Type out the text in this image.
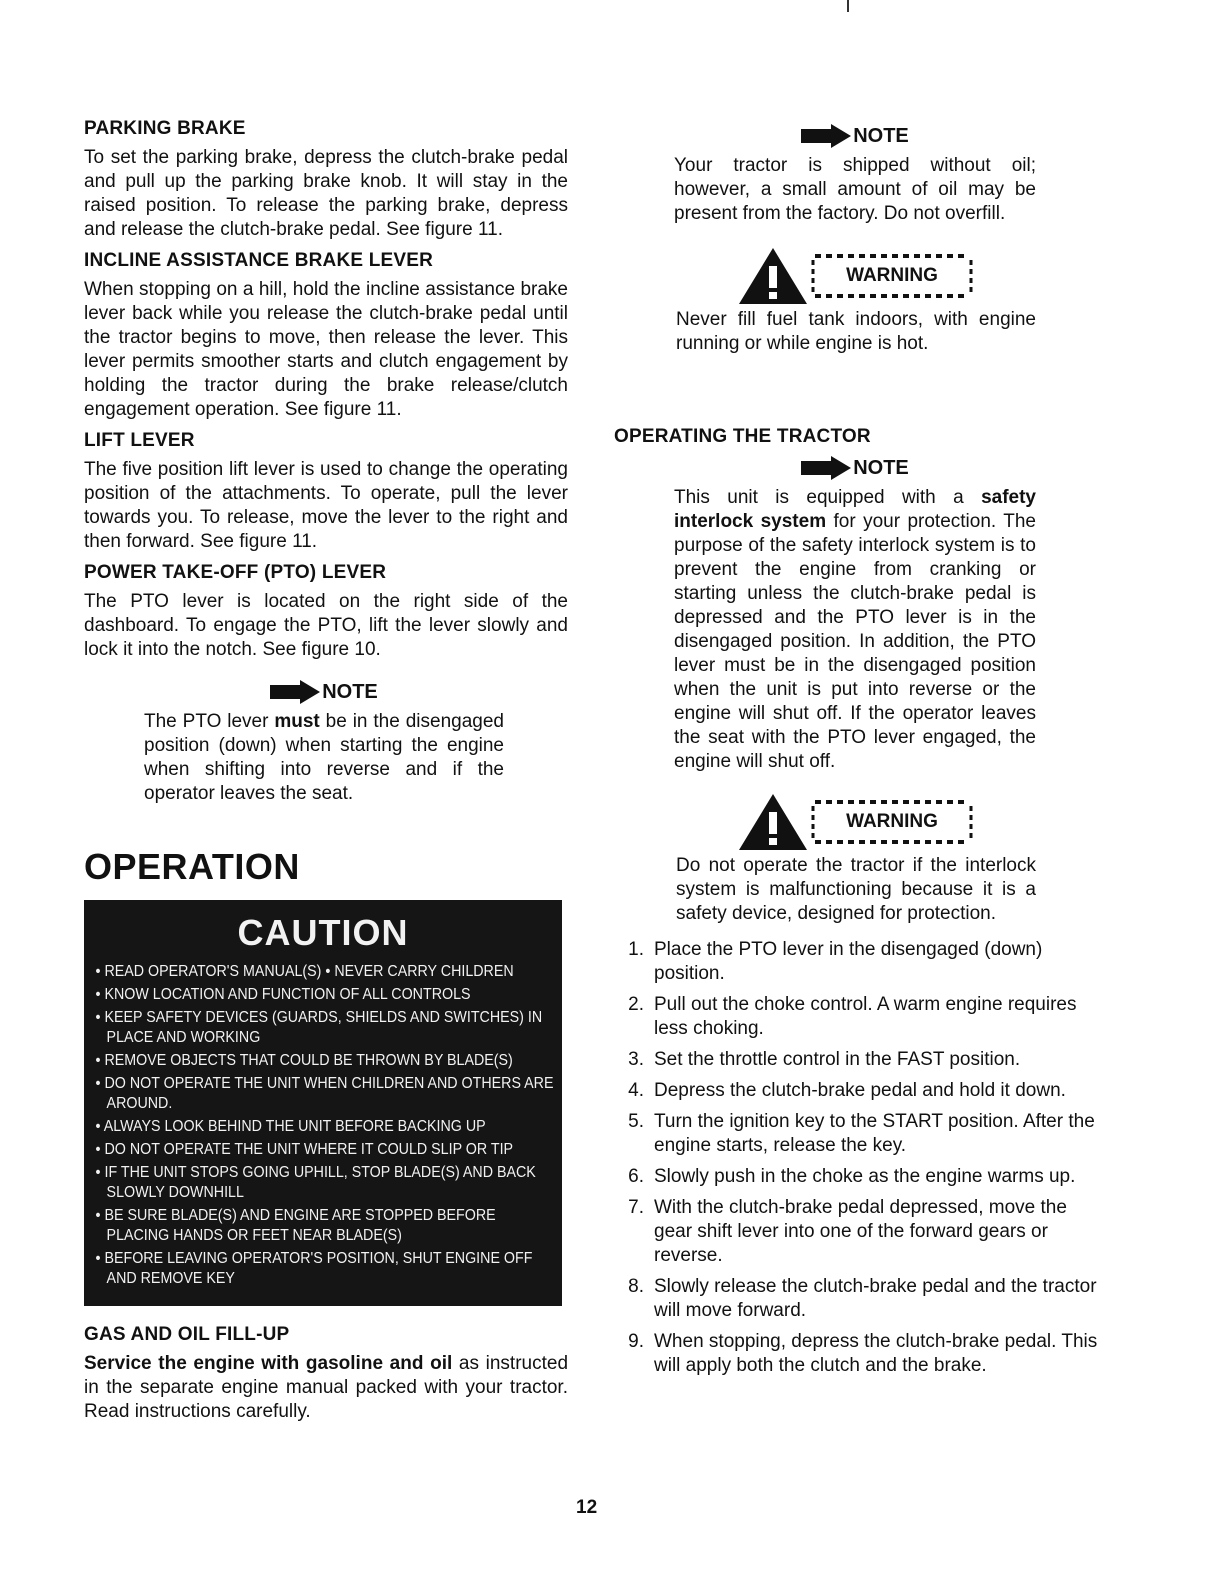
PARKING BRAKE

To set the parking brake, depress the clutch-brake pedal and pull up the parking brake knob. It will stay in the raised position. To release the parking brake, depress and release the clutch-brake pedal. See figure 11.

INCLINE ASSISTANCE BRAKE LEVER

When stopping on a hill, hold the incline assistance brake lever back while you release the clutch-brake pedal until the tractor begins to move, then release the lever. This lever permits smoother starts and clutch engagement by holding the tractor during the brake release/clutch engagement operation. See figure 11.

LIFT LEVER

The five position lift lever is used to change the operating position of the attachments. To operate, pull the lever towards you. To release, move the lever to the right and then forward. See figure 11.

POWER TAKE-OFF (PTO) LEVER

The PTO lever is located on the right side of the dashboard. To engage the PTO, lift the lever slowly and lock it into the notch. See figure 10.

NOTE
The PTO lever must be in the disengaged position (down) when starting the engine when shifting into reverse and if the operator leaves the seat.
OPERATION
CAUTION
• READ OPERATOR'S MANUAL(S) • NEVER CARRY CHILDREN
• KNOW LOCATION AND FUNCTION OF ALL CONTROLS
• KEEP SAFETY DEVICES (GUARDS, SHIELDS AND SWITCHES) IN PLACE AND WORKING
• REMOVE OBJECTS THAT COULD BE THROWN BY BLADE(S)
• DO NOT OPERATE THE UNIT WHEN CHILDREN AND OTHERS ARE AROUND.
• ALWAYS LOOK BEHIND THE UNIT BEFORE BACKING UP
• DO NOT OPERATE THE UNIT WHERE IT COULD SLIP OR TIP
• IF THE UNIT STOPS GOING UPHILL, STOP BLADE(S) AND BACK SLOWLY DOWNHILL
• BE SURE BLADE(S) AND ENGINE ARE STOPPED BEFORE PLACING HANDS OR FEET NEAR BLADE(S)
• BEFORE LEAVING OPERATOR'S POSITION, SHUT ENGINE OFF AND REMOVE KEY
GAS AND OIL FILL-UP

Service the engine with gasoline and oil as instructed in the separate engine manual packed with your tractor. Read instructions carefully.

NOTE
Your tractor is shipped without oil; however, a small amount of oil may be present from the factory. Do not overfill.
WARNING
Never fill fuel tank indoors, with engine running or while engine is hot.
OPERATING THE TRACTOR
NOTE
This unit is equipped with a safety interlock system for your protection. The purpose of the safety interlock system is to prevent the engine from cranking or starting unless the clutch-brake pedal is depressed and the PTO lever is in the disengaged position. In addition, the PTO lever must be in the disengaged position when the unit is put into reverse or the engine will shut off. If the operator leaves the seat with the PTO lever engaged, the engine will shut off.
WARNING
Do not operate the tractor if the interlock system is malfunctioning because it is a safety device, designed for protection.
1. Place the PTO lever in the disengaged (down) position.
2. Pull out the choke control. A warm engine requires less choking.
3. Set the throttle control in the FAST position.
4. Depress the clutch-brake pedal and hold it down.
5. Turn the ignition key to the START position. After the engine starts, release the key.
6. Slowly push in the choke as the engine warms up.
7. With the clutch-brake pedal depressed, move the gear shift lever into one of the forward gears or reverse.
8. Slowly release the clutch-brake pedal and the tractor will move forward.
9. When stopping, depress the clutch-brake pedal. This will apply both the clutch and the brake.
12
